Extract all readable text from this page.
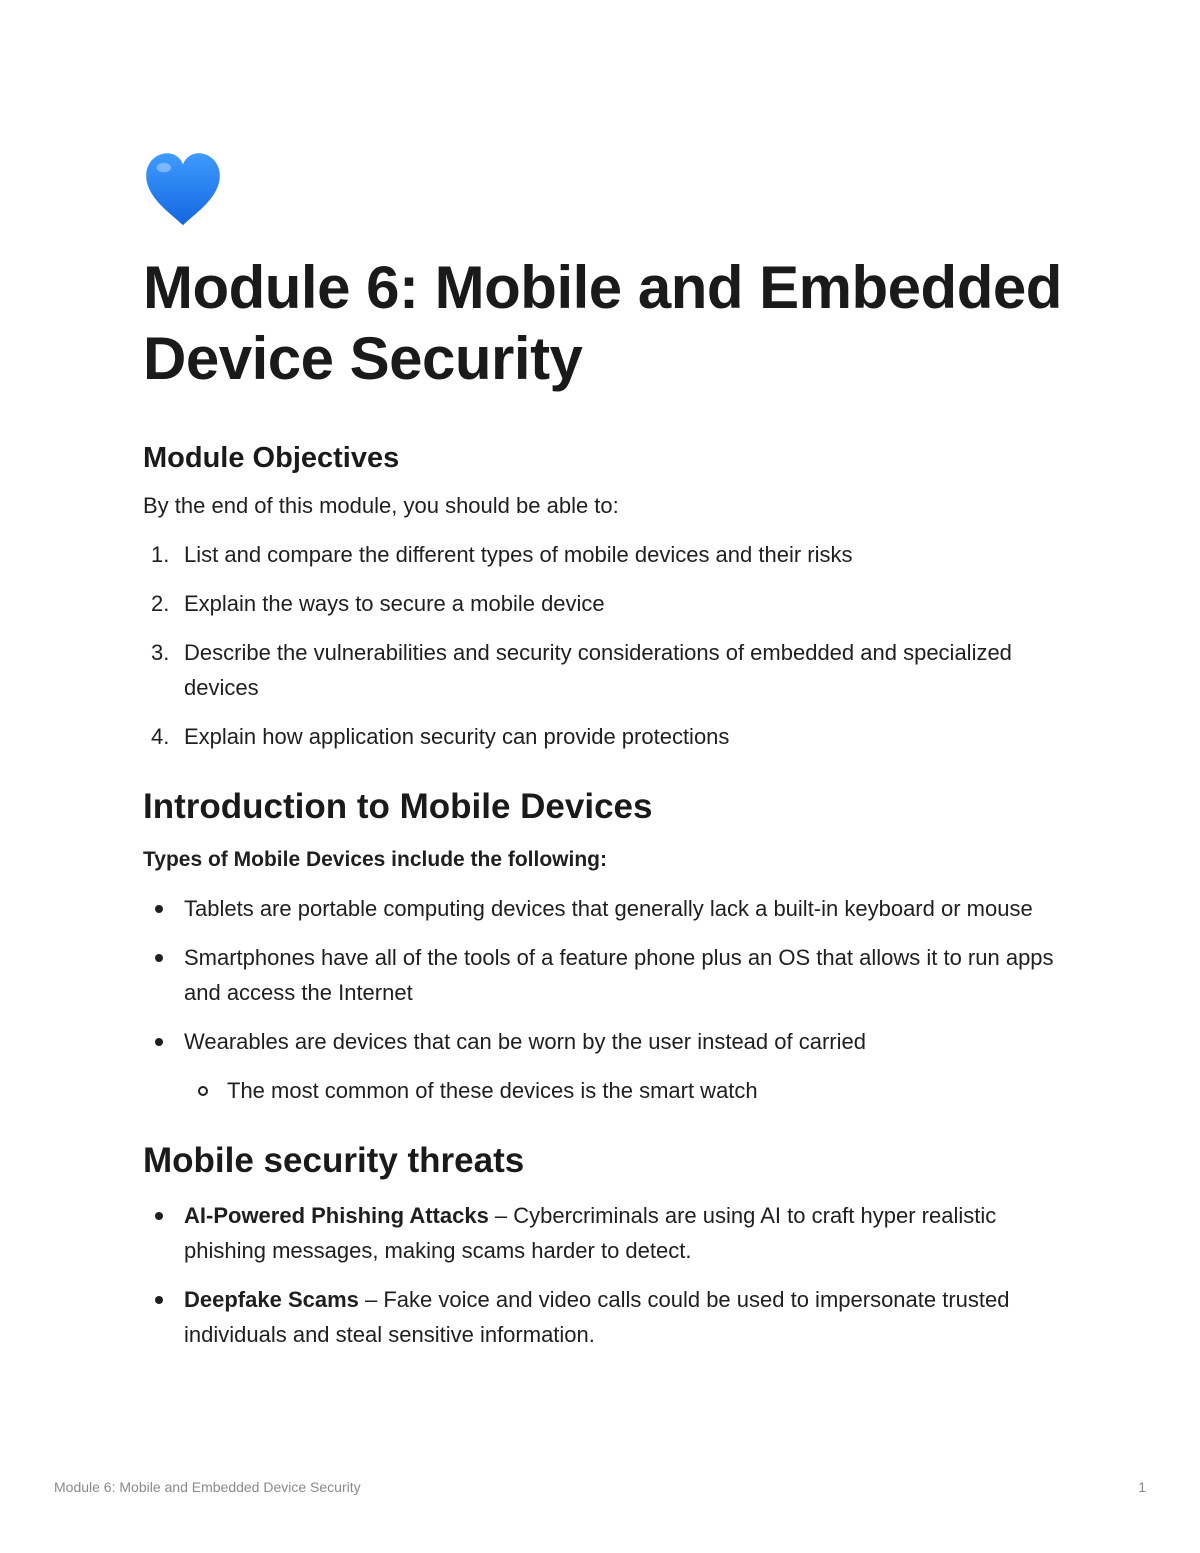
Module 6: Mobile and Embedded Device Security
Module Objectives

By the end of this module, you should be able to:

1. List and compare the different types of mobile devices and their risks
2. Explain the ways to secure a mobile device
3. Describe the vulnerabilities and security considerations of embedded and specialized devices
4. Explain how application security can provide protections
Introduction to Mobile Devices

Types of Mobile Devices include the following:

Tablets are portable computing devices that generally lack a built-in keyboard or mouse
Smartphones have all of the tools of a feature phone plus an OS that allows it to run apps and access the Internet
Wearables are devices that can be worn by the user instead of carried
The most common of these devices is the smart watch
Mobile security threats
AI-Powered Phishing Attacks – Cybercriminals are using AI to craft hyper realistic phishing messages, making scams harder to detect.
Deepfake Scams – Fake voice and video calls could be used to impersonate trusted individuals and steal sensitive information.
Module 6: Mobile and Embedded Device Security	1
